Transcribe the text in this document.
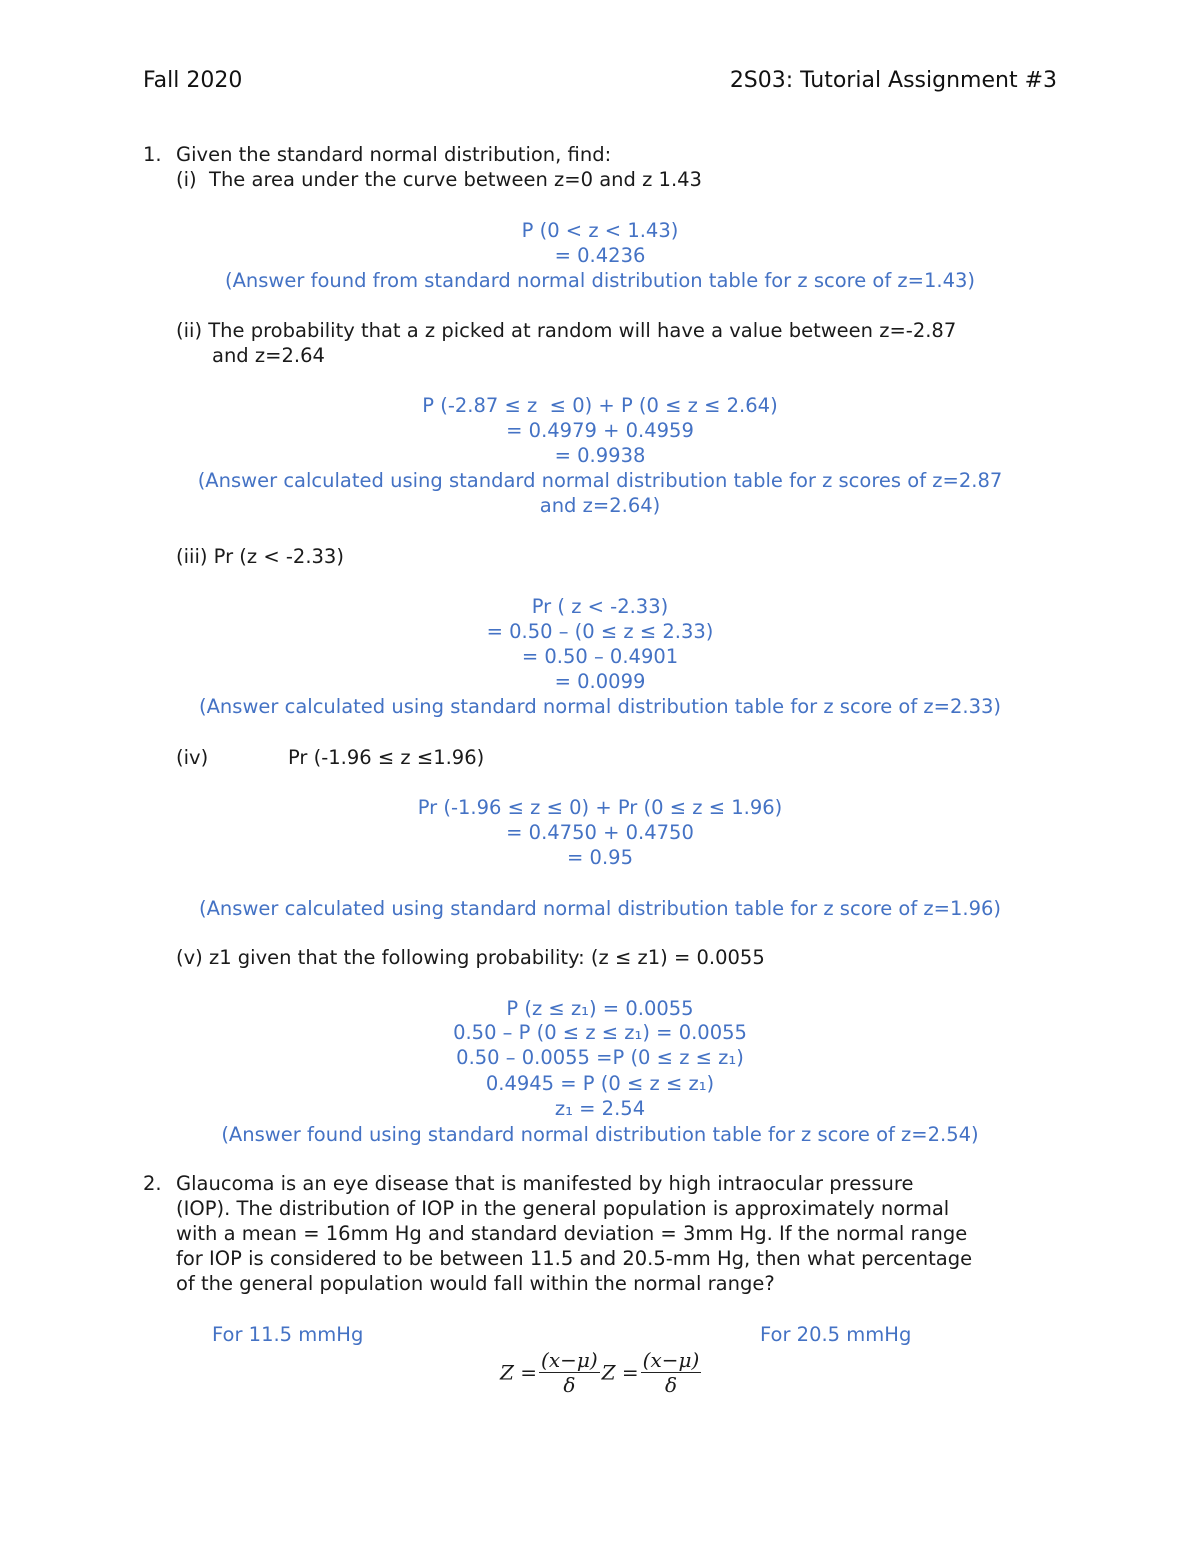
Fall 2020	2S03: Tutorial Assignment #3
1. Given the standard normal distribution, find:
(i)  The area under the curve between z=0 and z 1.43
P (0 < z < 1.43)
= 0.4236
(Answer found from standard normal distribution table for z score of z=1.43)
(ii) The probability that a z picked at random will have a value between z=-2.87
and z=2.64
P (-2.87 ≤ z  ≤ 0) + P (0 ≤ z ≤ 2.64)
= 0.4979 + 0.4959
= 0.9938
(Answer calculated using standard normal distribution table for z scores of z=2.87
and z=2.64)
(iii) Pr (z < -2.33)
Pr ( z < -2.33)
= 0.50 – (0 ≤ z ≤ 2.33)
= 0.50 – 0.4901
= 0.0099
(Answer calculated using standard normal distribution table for z score of z=2.33)
(iv)	Pr (-1.96 ≤ z ≤1.96)
Pr (-1.96 ≤ z ≤ 0) + Pr (0 ≤ z ≤ 1.96)
= 0.4750 + 0.4750
= 0.95
(Answer calculated using standard normal distribution table for z score of z=1.96)
(v) z1 given that the following probability: (z ≤ z1) = 0.0055
P (z ≤ z₁) = 0.0055
0.50 – P (0 ≤ z ≤ z₁) = 0.0055
0.50 – 0.0055 =P (0 ≤ z ≤ z₁)
0.4945 = P (0 ≤ z ≤ z₁)
z₁ = 2.54
(Answer found using standard normal distribution table for z score of z=2.54)
2. Glaucoma is an eye disease that is manifested by high intraocular pressure
(IOP). The distribution of IOP in the general population is approximately normal
with a mean = 16mm Hg and standard deviation = 3mm Hg. If the normal range
for IOP is considered to be between 11.5 and 20.5-mm Hg, then what percentage
of the general population would fall within the normal range?
For 11.5 mmHg	For 20.5 mmHg
$Z = \frac{(x-\mu)}{\delta}$ $Z = \frac{(x-\mu)}{\delta}$
